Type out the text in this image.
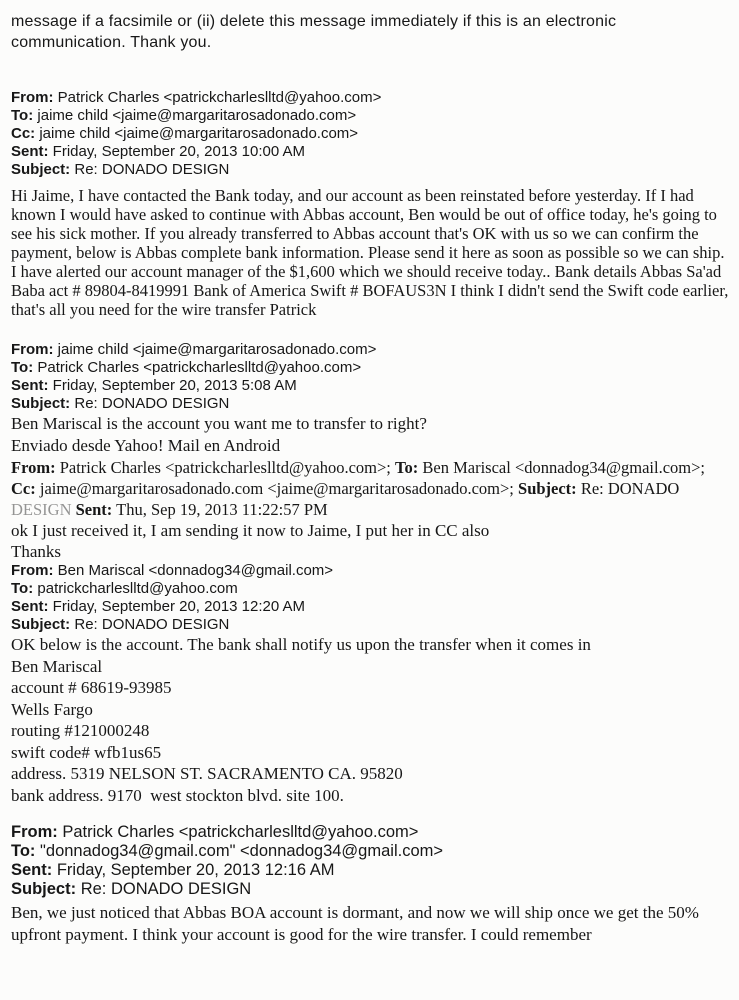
message if a facsimile or (ii) delete this message immediately if this is an electronic communication. Thank you.

From: Patrick Charles <patrickcharleslltd@yahoo.com>
To: jaime child <jaime@margaritarosadonado.com>
Cc: jaime child <jaime@margaritarosadonado.com>
Sent: Friday, September 20, 2013 10:00 AM
Subject: Re: DONADO DESIGN

Hi Jaime, I have contacted the Bank today, and our account as been reinstated before yesterday. If I had known I would have asked to continue with Abbas account, Ben would be out of office today, he's going to see his sick mother. If you already transferred to Abbas account that's OK with us so we can confirm the payment, below is Abbas complete bank information. Please send it here as soon as possible so we can ship. I have alerted our account manager of the $1,600 which we should receive today.. Bank details Abbas Sa'ad Baba act # 89804-8419991 Bank of America Swift # BOFAUS3N I think I didn't send the Swift code earlier, that's all you need for the wire transfer Patrick

From: jaime child <jaime@margaritarosadonado.com>
To: Patrick Charles <patrickcharleslltd@yahoo.com>
Sent: Friday, September 20, 2013 5:08 AM
Subject: Re: DONADO DESIGN

Ben Mariscal is the account you want me to transfer to right?

Enviado desde Yahoo! Mail en Android

From: Patrick Charles <patrickcharleslltd@yahoo.com>; To: Ben Mariscal <donnadog34@gmail.com>; Cc: jaime@margaritarosadonado.com <jaime@margaritarosadonado.com>; Subject: Re: DONADO DESIGN Sent: Thu, Sep 19, 2013 11:22:57 PM

ok I just received it, I am sending it now to Jaime, I put her in CC also

Thanks

From: Ben Mariscal <donnadog34@gmail.com>
To: patrickcharleslltd@yahoo.com
Sent: Friday, September 20, 2013 12:20 AM
Subject: Re: DONADO DESIGN

OK below is the account. The bank shall notify us upon the transfer when it comes in

Ben Mariscal

account # 68619-93985

Wells Fargo

routing #121000248

swift code# wfb1us65

address. 5319 NELSON ST. SACRAMENTO CA. 95820

bank address. 9170  west stockton blvd. site 100.

From: Patrick Charles <patrickcharleslltd@yahoo.com>
To: "donnadog34@gmail.com" <donnadog34@gmail.com>
Sent: Friday, September 20, 2013 12:16 AM
Subject: Re: DONADO DESIGN

Ben, we just noticed that Abbas BOA account is dormant, and now we will ship once we get the 50% upfront payment. I think your account is good for the wire transfer. I could remember
